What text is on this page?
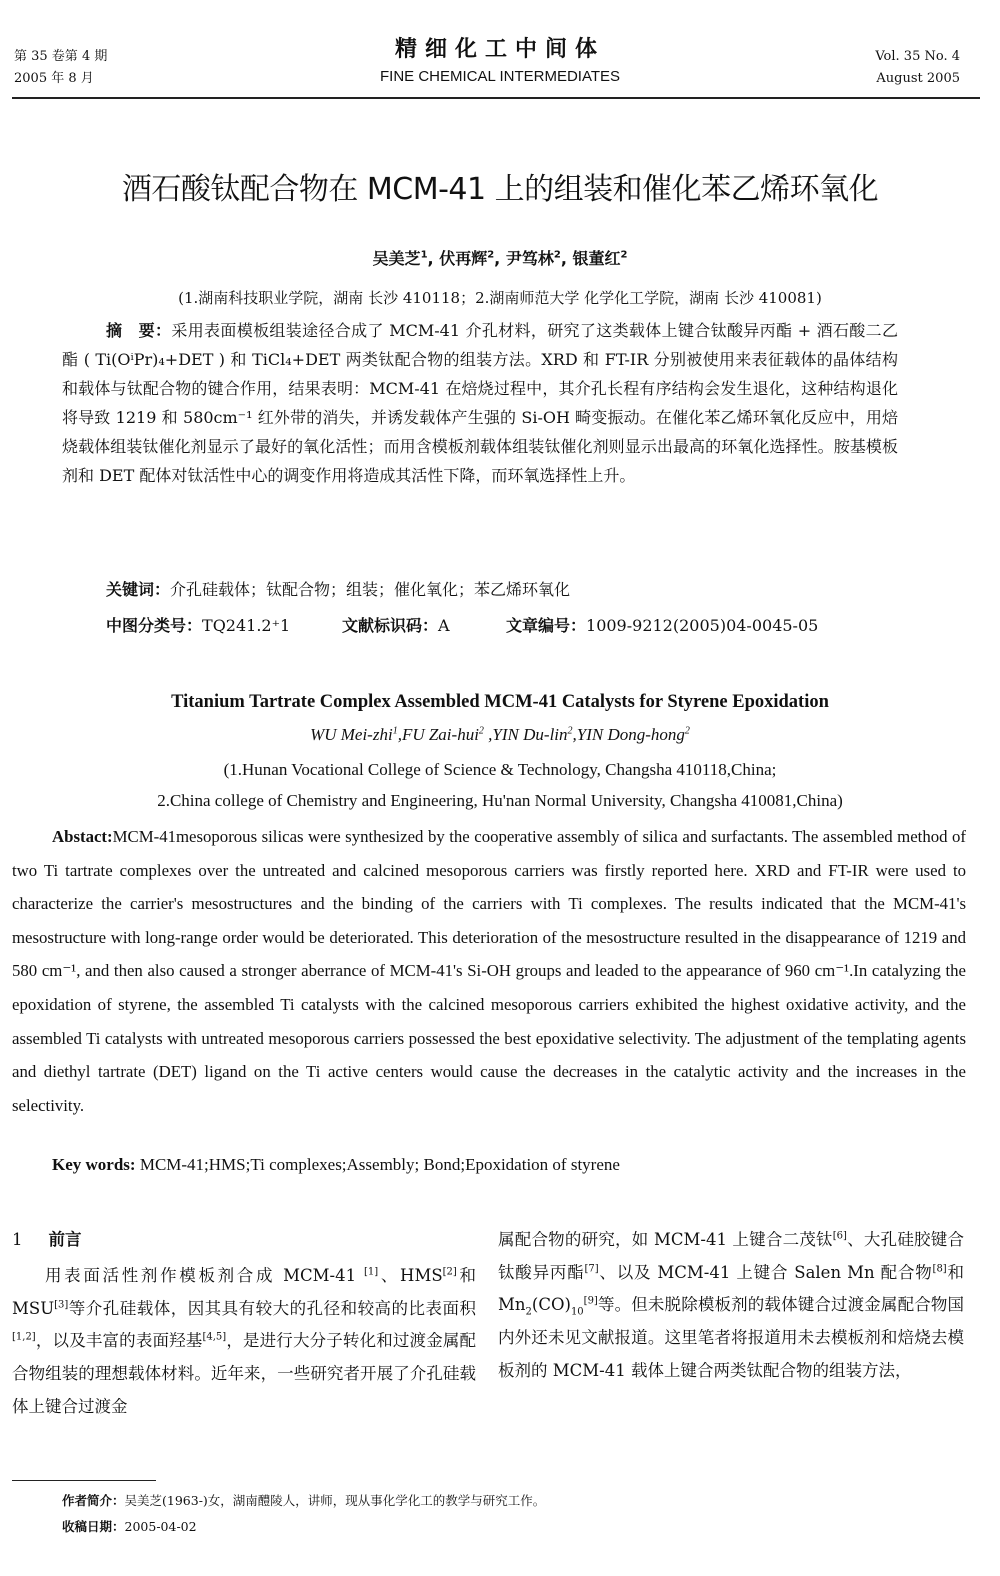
第 35 卷第 4 期
2005 年 8 月
精细化工中间体
FINE CHEMICAL INTERMEDIATES
Vol. 35 No. 4
August 2005
酒石酸钛配合物在 MCM-41 上的组装和催化苯乙烯环氧化
吴美芝$^1$, 伏再辉$^2$, 尹笃林$^2$, 银董红$^2$
(1.湖南科技职业学院，湖南 长沙 410118；2.湖南师范大学 化学化工学院，湖南 长沙 410081)
摘　要：采用表面模板组装途径合成了 MCM-41 介孔材料，研究了这类载体上键合钛酸异丙酯 + 酒石酸二乙酯 ( Ti(OⁱPr)₄+DET ) 和 TiCl₄+DET 两类钛配合物的组装方法。XRD 和 FT-IR 分别被使用来表征载体的晶体结构和载体与钛配合物的键合作用，结果表明：MCM-41 在焙烧过程中，其介孔长程有序结构会发生退化，这种结构退化将导致 1219 和 580cm⁻¹ 红外带的消失，并诱发载体产生强的 Si-OH 畸变振动。在催化苯乙烯环氧化反应中，用焙烧载体组装钛催化剂显示了最好的氧化活性；而用含模板剂载体组装钛催化剂则显示出最高的环氧化选择性。胺基模板剂和 DET 配体对钛活性中心的调变作用将造成其活性下降，而环氧选择性上升。
关键词：介孔硅载体；钛配合物；组装；催化氧化；苯乙烯环氧化
中图分类号：TQ241.2⁺1	文献标识码：A	文章编号：1009-9212(2005)04-0045-05
Titanium Tartrate Complex Assembled MCM-41 Catalysts for Styrene Epoxidation
WU Mei-zhi$^1$,FU Zai-hui$^2$ ,YIN Du-lin$^2$,YIN Dong-hong$^2$
(1.Hunan Vocational College of Science & Technology, Changsha 410118,China;
2.China college of Chemistry and Engineering, Hu'nan Normal University, Changsha 410081,China)
Abstact:MCM-41mesoporous silicas were synthesized by the cooperative assembly of silica and surfactants. The assembled method of two Ti tartrate complexes over the untreated and calcined mesoporous carriers was firstly reported here. XRD and FT-IR were used to characterize the carrier's mesostructures and the binding of the carriers with Ti complexes. The results indicated that the MCM-41's mesostructure with long-range order would be deteriorated. This deterioration of the mesostructure resulted in the disappearance of 1219 and 580 cm⁻¹, and then also caused a stronger aberrance of MCM-41's Si-OH groups and leaded to the appearance of 960 cm⁻¹.In catalyzing the epoxidation of styrene, the assembled Ti catalysts with the calcined mesoporous carriers exhibited the highest oxidative activity, and the assembled Ti catalysts with untreated mesoporous carriers possessed the best epoxidative selectivity. The adjustment of the templating agents and diethyl tartrate (DET) ligand on the Ti active centers would cause the decreases in the catalytic activity and the increases in the selectivity.
Key words: MCM-41;HMS;Ti complexes;Assembly; Bond;Epoxidation of styrene
1 前言
用表面活性剂作模板剂合成 MCM-41 [1]、HMS[2]和 MSU[3]等介孔硅载体，因其具有较大的孔径和较高的比表面积[1,2]，以及丰富的表面羟基[4,5]，是进行大分子转化和过渡金属配合物组装的理想载体材料。近年来，一些研究者开展了介孔硅载体上键合过渡金
属配合物的研究，如 MCM-41 上键合二茂钛[6]、大孔硅胶键合钛酸异丙酯[7]、以及 MCM-41 上键合 Salen Mn 配合物[8]和 $Mn_2(CO)_{10}[9]$等。但未脱除模板剂的载体键合过渡金属配合物国内外还未见文献报道。这里笔者将报道用未去模板剂和焙烧去模板剂的 MCM-41 载体上键合两类钛配合物的组装方法，
作者简介：吴美芝(1963-)女，湖南醴陵人，讲师，现从事化学化工的教学与研究工作。
收稿日期：2005-04-02
